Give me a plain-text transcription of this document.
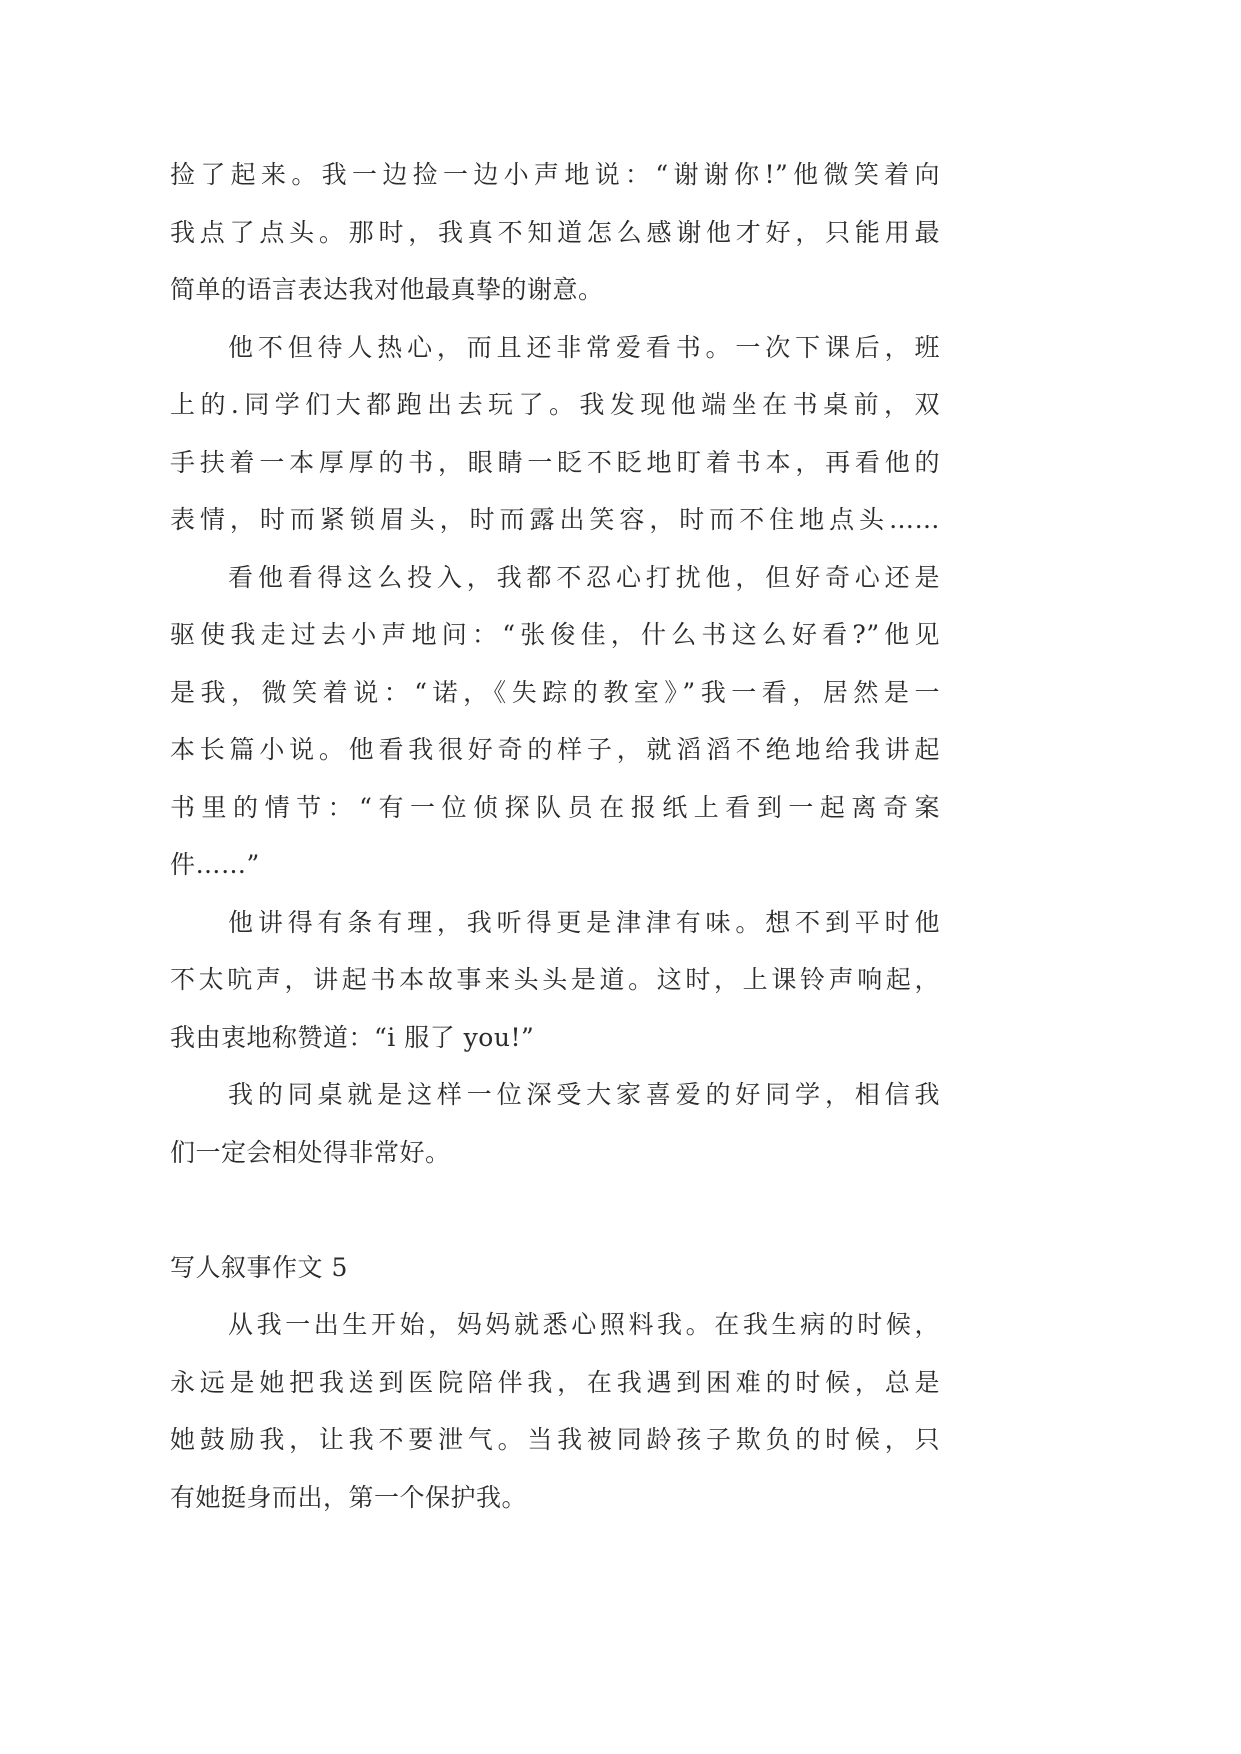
捡了起来。我一边捡一边小声地说：“谢谢你!”他微笑着向
我点了点头。那时，我真不知道怎么感谢他才好，只能用最
简单的语言表达我对他最真挚的谢意。
他不但待人热心，而且还非常爱看书。一次下课后，班
上的.同学们大都跑出去玩了。我发现他端坐在书桌前，双
手扶着一本厚厚的书，眼睛一眨不眨地盯着书本，再看他的
表情，时而紧锁眉头，时而露出笑容，时而不住地点头……
看他看得这么投入，我都不忍心打扰他，但好奇心还是
驱使我走过去小声地问：“张俊佳，什么书这么好看?”他见
是我，微笑着说：“诺，《失踪的教室》”我一看，居然是一
本长篇小说。他看我很好奇的样子，就滔滔不绝地给我讲起
书里的情节：“有一位侦探队员在报纸上看到一起离奇案
件……”
他讲得有条有理，我听得更是津津有味。想不到平时他
不太吭声，讲起书本故事来头头是道。这时，上课铃声响起，
我由衷地称赞道：“i 服了 you!”
我的同桌就是这样一位深受大家喜爱的好同学，相信我
们一定会相处得非常好。
写人叙事作文 5
从我一出生开始，妈妈就悉心照料我。在我生病的时候，
永远是她把我送到医院陪伴我，在我遇到困难的时候，总是
她鼓励我，让我不要泄气。当我被同龄孩子欺负的时候，只
有她挺身而出，第一个保护我。
